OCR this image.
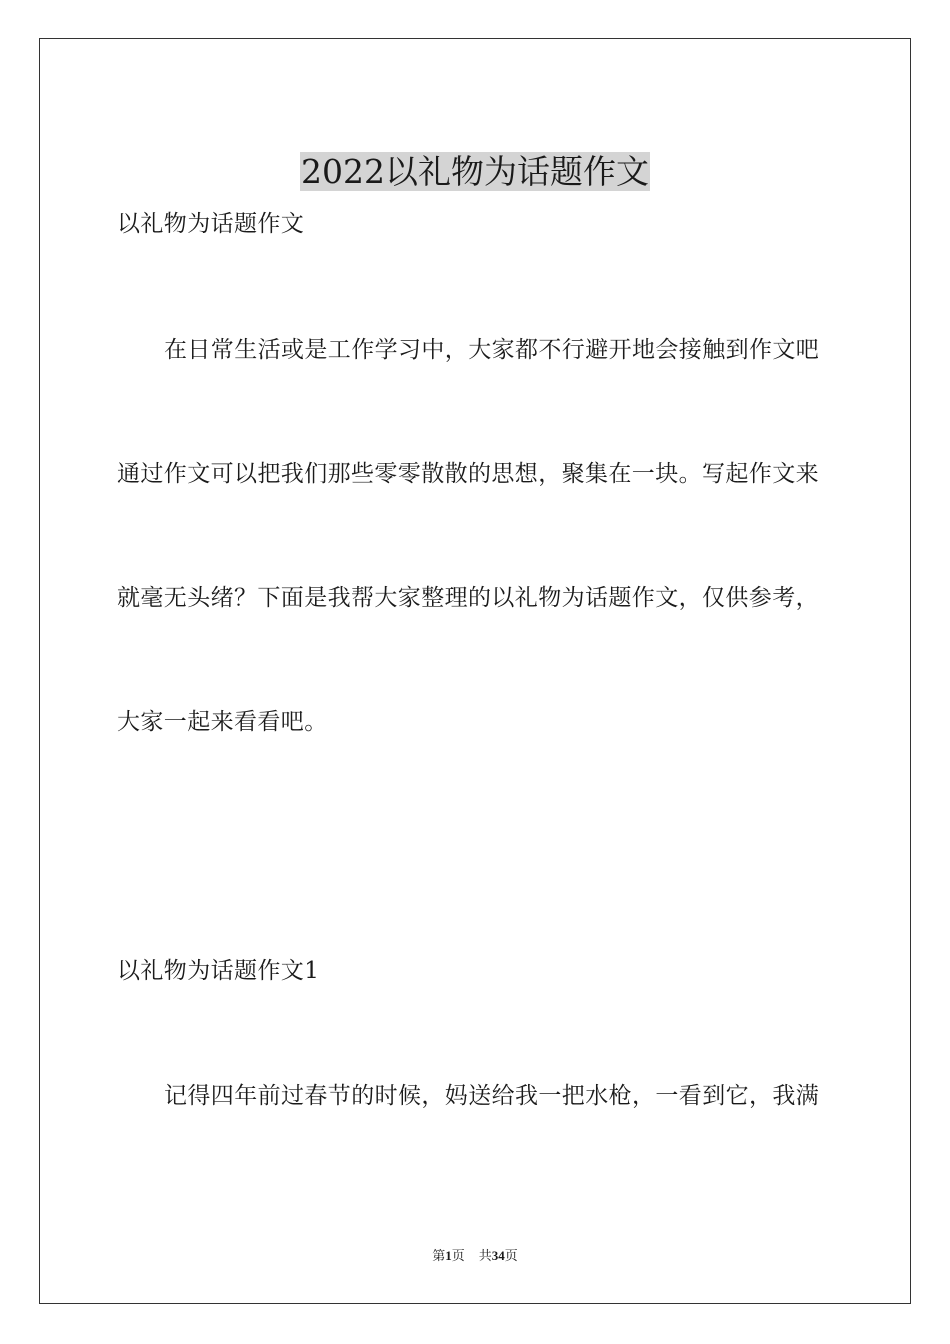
2022以礼物为话题作文
以礼物为话题作文
在日常生活或是工作学习中，大家都不行避开地会接触到作文吧
通过作文可以把我们那些零零散散的思想，聚集在一块。写起作文来
就毫无头绪？下面是我帮大家整理的以礼物为话题作文，仅供参考，
大家一起来看看吧。
以礼物为话题作文1
记得四年前过春节的时候，妈送给我一把水枪，一看到它，我满
第1页 共34页
